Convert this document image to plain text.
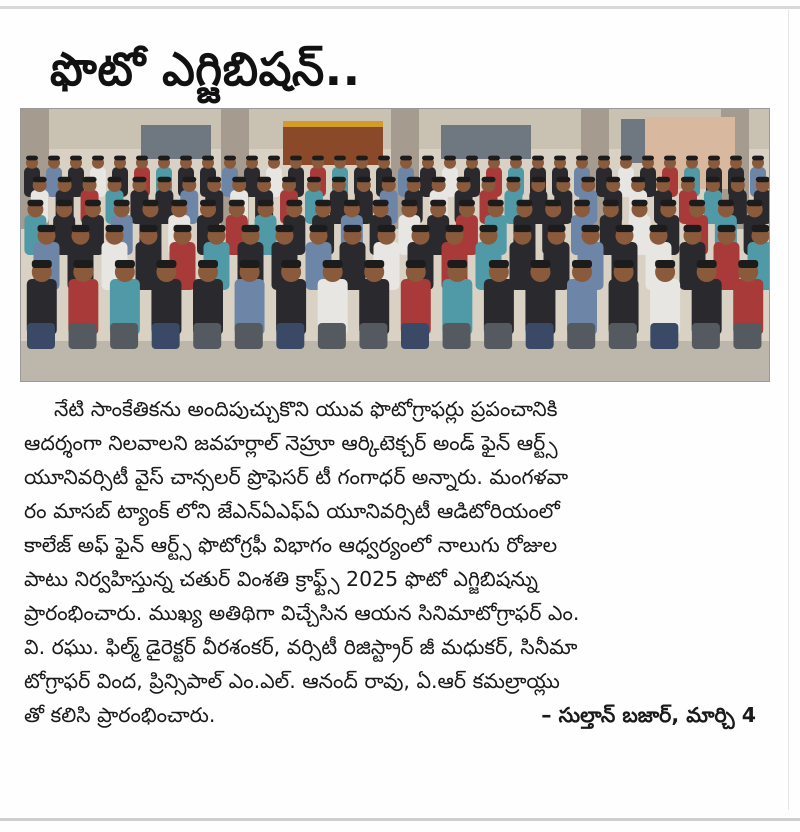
ఫొటో ఎగ్జిబిషన్..
నేటి సాంకేతికను అందిపుచ్చుకొని యువ ఫొటోగ్రాఫర్లు ప్రపంచానికి
ఆదర్శంగా నిలవాలని జవహర్లాల్ నెహ్రూ ఆర్కిటెక్చర్ అండ్ ఫైన్ ఆర్ట్స్
యూనివర్సిటీ వైస్ చాన్సలర్ ప్రొఫెసర్ టీ గంగాధర్ అన్నారు. మంగళవా
రం మాసబ్ ట్యాంక్ లోని జేఎన్ఏఎఫ్ఏ యూనివర్సిటీ ఆడిటోరియంలో
కాలేజ్ అఫ్ ఫైన్ ఆర్ట్స్ ఫొటోగ్రఫీ విభాగం ఆధ్వర్యంలో నాలుగు రోజుల
పాటు నిర్వహిస్తున్న చతుర్ వింశతి క్రాఫ్ట్స్ 2025 ఫొటో ఎగ్జిబిషన్ను
ప్రారంభించారు. ముఖ్య అతిథిగా విచ్చేసిన ఆయన సినిమాటోగ్రాఫర్ ఎం.
వి. రఘు. ఫిల్మ్ డైరెక్టర్ వీరశంకర్, వర్సిటీ రిజిస్ట్రార్ జీ మధుకర్, సినీమా
టోగ్రాఫర్ వింద, ప్రిన్సిపాల్ ఎం.ఎల్. ఆనంద్ రావు, ఏ.ఆర్ కమల్రాయ్లు
తో కలిసి ప్రారంభించారు.	– సుల్తాన్ బజార్, మార్చి 4
